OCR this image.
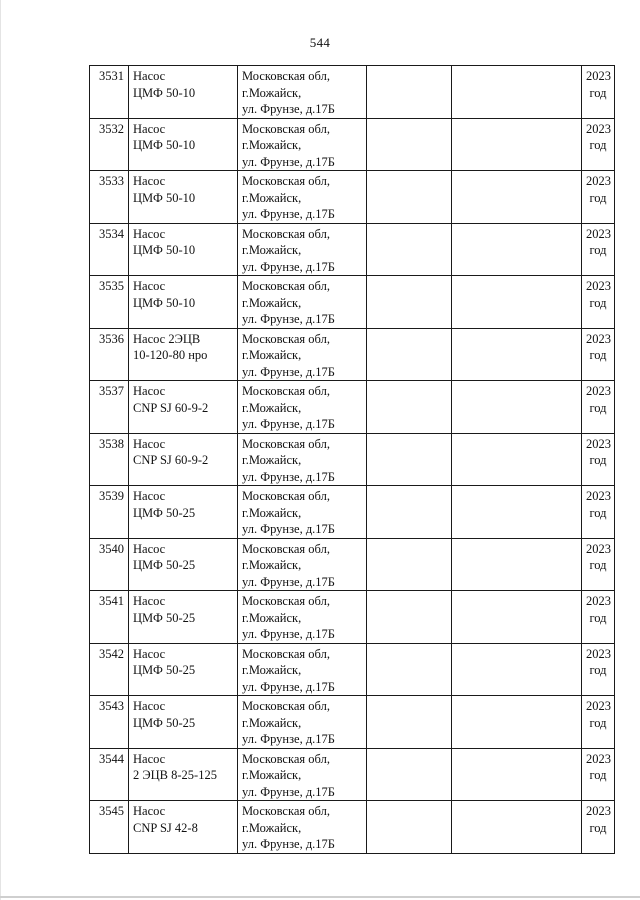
544
3531	Насос
ЦМФ 50-10	Московская обл,
г.Можайск,
ул. Фрунзе, д.17Б			2023
год

3532	Насос
ЦМФ 50-10	Московская обл,
г.Можайск,
ул. Фрунзе, д.17Б			2023
год

3533	Насос
ЦМФ 50-10	Московская обл,
г.Можайск,
ул. Фрунзе, д.17Б			2023
год

3534	Насос
ЦМФ 50-10	Московская обл,
г.Можайск,
ул. Фрунзе, д.17Б			2023
год

3535	Насос
ЦМФ 50-10	Московская обл,
г.Можайск,
ул. Фрунзе, д.17Б			2023
год

3536	Насос 2ЭЦВ
10-120-80 нро	Московская обл,
г.Можайск,
ул. Фрунзе, д.17Б			2023
год

3537	Насос
CNP SJ 60-9-2	Московская обл,
г.Можайск,
ул. Фрунзе, д.17Б			2023
год

3538	Насос
CNP SJ 60-9-2	Московская обл,
г.Можайск,
ул. Фрунзе, д.17Б			2023
год

3539	Насос
ЦМФ 50-25	Московская обл,
г.Можайск,
ул. Фрунзе, д.17Б			2023
год

3540	Насос
ЦМФ 50-25	Московская обл,
г.Можайск,
ул. Фрунзе, д.17Б			2023
год

3541	Насос
ЦМФ 50-25	Московская обл,
г.Можайск,
ул. Фрунзе, д.17Б			2023
год

3542	Насос
ЦМФ 50-25	Московская обл,
г.Можайск,
ул. Фрунзе, д.17Б			2023
год

3543	Насос
ЦМФ 50-25	Московская обл,
г.Можайск,
ул. Фрунзе, д.17Б			2023
год

3544	Насос
2 ЭЦВ 8-25-125	Московская обл,
г.Можайск,
ул. Фрунзе, д.17Б			2023
год

3545	Насос
CNP SJ 42-8	Московская обл,
г.Можайск,
ул. Фрунзе, д.17Б			2023
год
